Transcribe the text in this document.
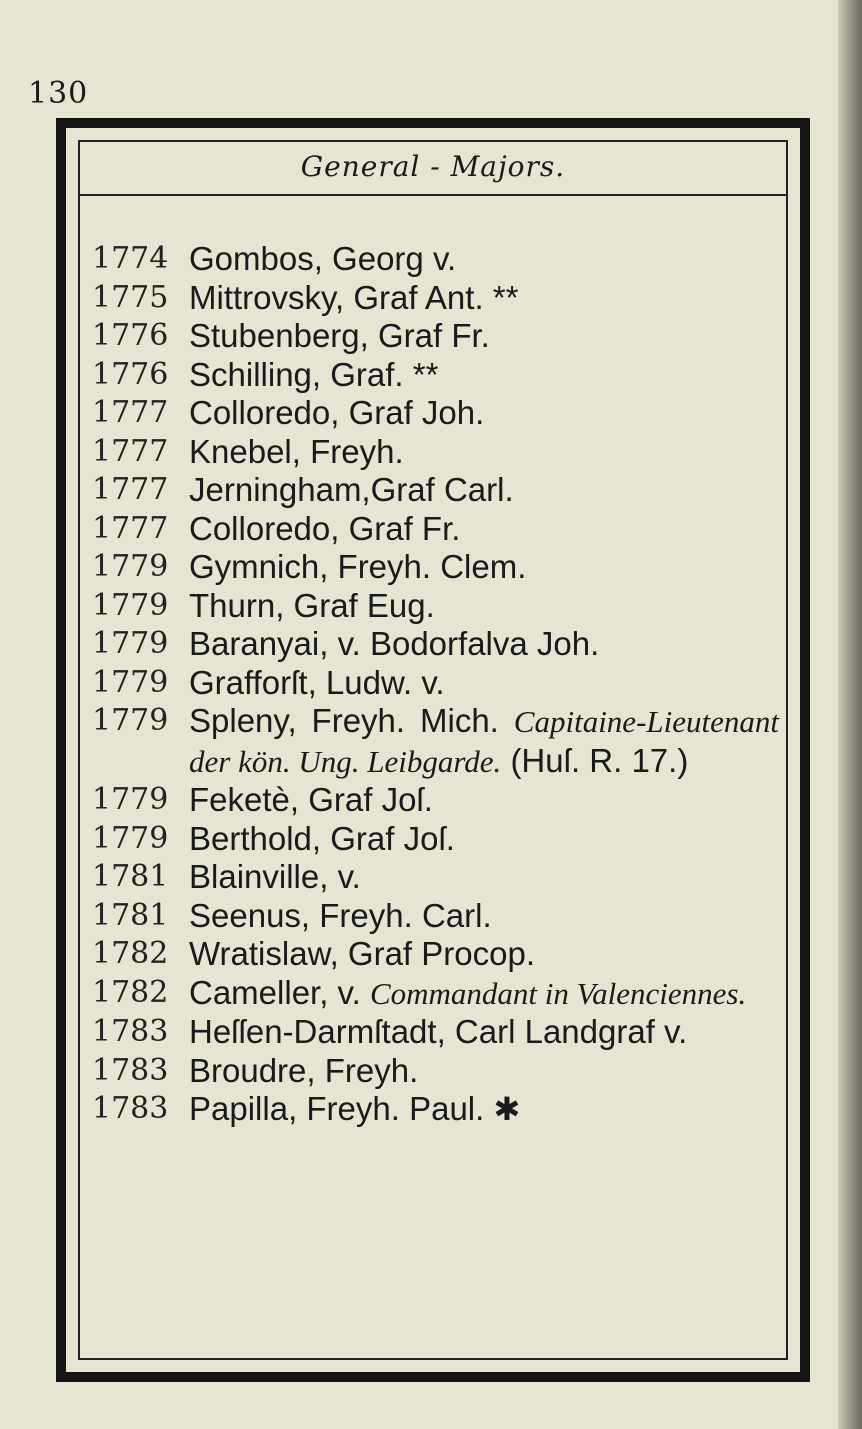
130
General - Majors.
1774 Gombos, Georg v.
1775 Mittrovsky, Graf Ant. **
1776 Stubenberg, Graf Fr.
1776 Schilling, Graf. **
1777 Colloredo, Graf Joh.
1777 Knebel, Freyh.
1777 Jerningham,Graf Carl.
1777 Colloredo, Graf Fr.
1779 Gymnich, Freyh. Clem.
1779 Thurn, Graf Eug.
1779 Baranyai, v. Bodorfalva Joh.
1779 Grafforſt, Ludw. v.
1779 Spleny, Freyh. Mich. Capitaine-Lieutenant der kön. Ung. Leibgarde. (Huſ. R. 17.)
1779 Feketè, Graf Joſ.
1779 Berthold, Graf Joſ.
1781 Blainville, v.
1781 Seenus, Freyh. Carl.
1782 Wratislaw, Graf Procop.
1782 Cameller, v. Commandant in Valenciennes.
1783 Heſſen-Darmſtadt, Carl Landgraf v.
1783 Broudre, Freyh.
1783 Papilla, Freyh. Paul. ✱
